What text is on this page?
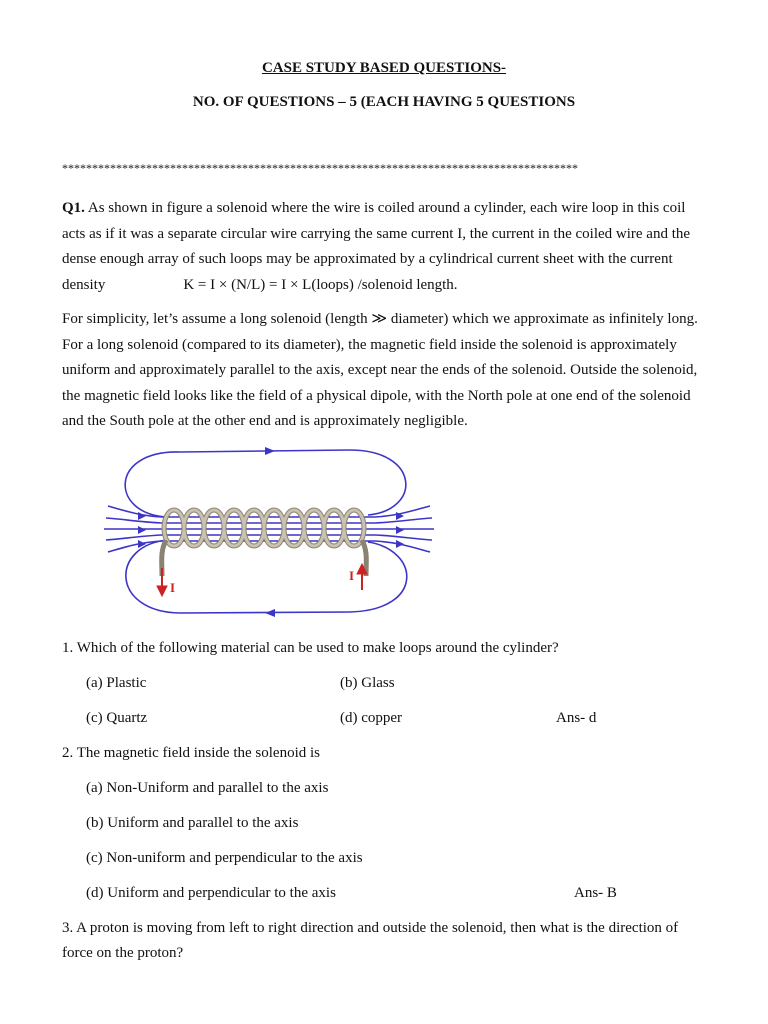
CASE STUDY BASED QUESTIONS-
NO. OF QUESTIONS – 5 (EACH HAVING 5 QUESTIONS
**************************************************************************************
Q1. As shown in figure a solenoid where the wire is coiled around a cylinder, each wire loop in this coil acts as if it was a separate circular wire carrying the same current I, the current in the coiled wire and the dense enough array of such loops may be approximated by a cylindrical current sheet with the current density	K = I × (N/L) = I × L(loops) /solenoid length.
For simplicity, let’s assume a long solenoid (length ≫ diameter) which we approximate as infinitely long. For a long solenoid (compared to its diameter), the magnetic field inside the solenoid is approximately uniform and approximately parallel to the axis, except near the ends of the solenoid. Outside the solenoid, the magnetic field looks like the field of a physical dipole, with the North pole at one end of the solenoid and the South pole at the other end and is approximately negligible.
I
I
1. Which of the following material can be used to make loops around the cylinder?
(a) Plastic	(b) Glass
(c) Quartz	(d) copper	Ans- d
2. The magnetic field inside the solenoid is
(a) Non-Uniform and parallel to the axis
(b) Uniform and parallel to the axis
(c) Non-uniform and perpendicular to the axis
(d) Uniform and perpendicular to the axis	Ans- B
3. A proton is moving from left to right direction and outside the solenoid, then what is the direction of
force on the proton?
